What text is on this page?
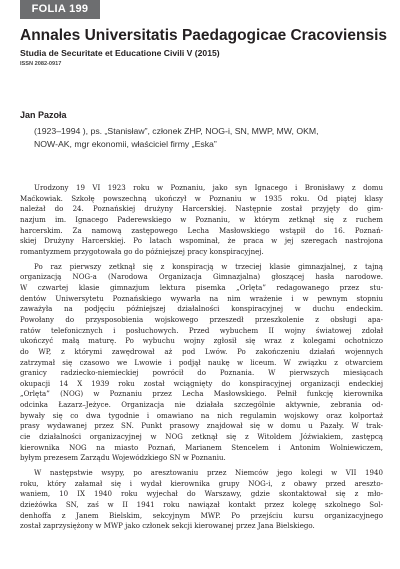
FOLIA 199
Annales Universitatis Paedagogicae Cracoviensis
Studia de Securitate et Educatione Civili V (2015)
ISSN 2082-0917
Jan Pazoła
(1923–1994 ), ps. „Stanisław”, członek ZHP, NOG-i, SN, MWP, MW, OKM,
NOW-AK, mgr ekonomii, właściciel firmy „Eska”
Urodzony 19 VI 1923 roku w Poznaniu, jako syn Ignacego i Bronisławy z domu
Maćkowiak. Szkołę powszechną ukończył w Poznaniu w 1935 roku. Od piątej klasy
należał do 24. Poznańskiej drużyny Harcerskiej. Następnie został przyjęty do gim-
nazjum im. Ignacego Paderewskiego w Poznaniu, w którym zetknął się z ruchem
harcerskim. Za namową zastępowego Lecha Masłowskiego wstąpił do 16. Poznań-
skiej Drużyny Harcerskiej. Po latach wspominał, że praca w jej szeregach nastrojona
romantyzmem przygotowała go do późniejszej pracy konspiracyjnej.
Po raz pierwszy zetknął się z konspiracją w trzeciej klasie gimnazjalnej, z tajną
organizacją NOG-a (Narodowa Organizacja Gimnazjalna) głoszącej hasła narodowe.
W czwartej klasie gimnazjum lektura pisemka „Orlęta” redagowanego przez stu-
dentów Uniwersytetu Poznańskiego wywarła na nim wrażenie i w pewnym stopniu
zaważyła na podjęciu późniejszej działalności konspiracyjnej w duchu endeckim.
Powołany do przysposobienia wojskowego przeszedł przeszkolenie z obsługi apa-
ratów telefonicznych i posłuchowych. Przed wybuchem II wojny światowej zdołał
ukończyć małą maturę. Po wybuchu wojny zgłosił się wraz z kolegami ochotniczo
do WP, z którymi zawędrował aż pod Lwów. Po zakończeniu działań wojennych
zatrzymał się czasowo we Lwowie i podjął naukę w liceum. W związku z otwarciem
granicy radziecko-niemieckiej powrócił do Poznania. W pierwszych miesiącach
okupacji 14 X 1939 roku został wciągnięty do konspiracyjnej organizacji endeckiej
„Orlęta” (NOG) w Poznaniu przez Lecha Masłowskiego. Pełnił funkcję kierownika
odcinka Łazarz–Jeżyce. Organizacja nie działała szczególnie aktywnie, zebrania od-
bywały się co dwa tygodnie i omawiano na nich regulamin wojskowy oraz kolportaż
prasy wydawanej przez SN. Punkt prasowy znajdował się w domu u Pazały. W trak-
cie działalności organizacyjnej w NOG zetknął się z Witoldem Jóźwiakiem, zastępcą
kierownika NOG na miasto Poznań, Marianem Stencelem i Antonim Wolniewiczem,
byłym prezesem Zarządu Wojewódzkiego SN w Poznaniu.
W następstwie wsypy, po aresztowaniu przez Niemców jego kolegi w VII 1940
roku, który załamał się i wydał kierownika grupy NOG-i, z obawy przed areszto-
waniem, 10 IX 1940 roku wyjechał do Warszawy, gdzie skontaktował się z mło-
dzieżówka SN, zaś w II 1941 roku nawiązał kontakt przez kolegę szkolnego Sol-
denhoffa z Janem Bielskim, sekcyjnym MWP. Po przejściu kursu organizacyjnego
został zaprzysiężony w MWP jako członek sekcji kierowanej przez Jana Bielskiego.
